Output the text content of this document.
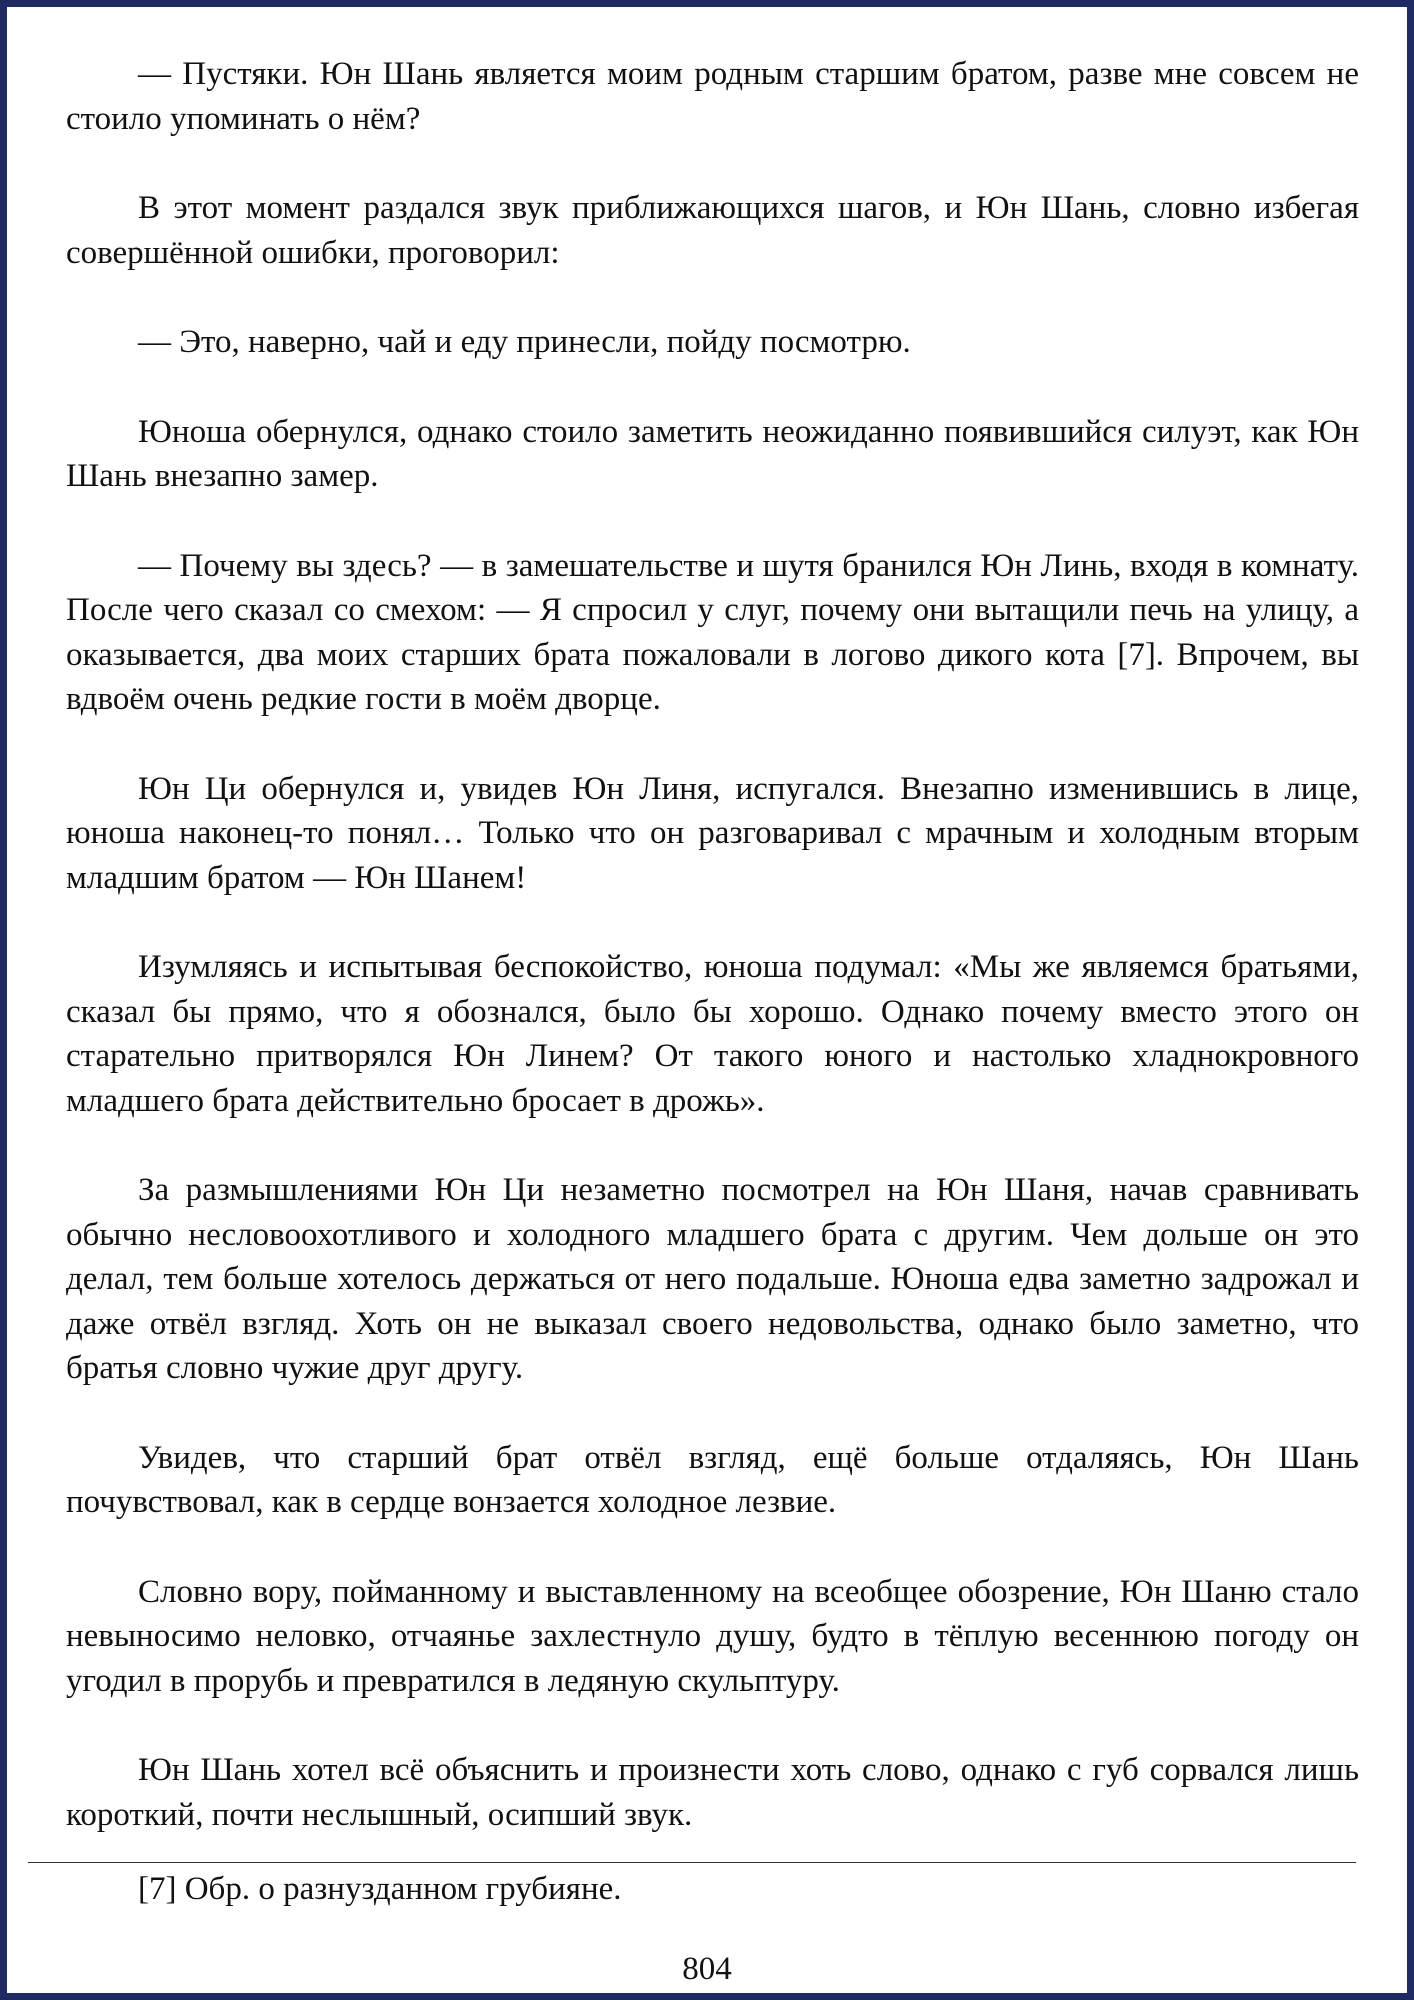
— Пустяки. Юн Шань является моим родным старшим братом, разве мне совсем не стоило упоминать о нём?

В этот момент раздался звук приближающихся шагов, и Юн Шань, словно избегая совершённой ошибки, проговорил:

— Это, наверно, чай и еду принесли, пойду посмотрю.

Юноша обернулся, однако стоило заметить неожиданно появившийся силуэт, как Юн Шань внезапно замер.

— Почему вы здесь? — в замешательстве и шутя бранился Юн Линь, входя в комнату. После чего сказал со смехом: — Я спросил у слуг, почему они вытащили печь на улицу, а оказывается, два моих старших брата пожаловали в логово дикого кота [7]. Впрочем, вы вдвоём очень редкие гости в моём дворце.

Юн Ци обернулся и, увидев Юн Линя, испугался. Внезапно изменившись в лице, юноша наконец-то понял… Только что он разговаривал с мрачным и холодным вторым младшим братом — Юн Шанем!

Изумляясь и испытывая беспокойство, юноша подумал: «Мы же являемся братьями, сказал бы прямо, что я обознался, было бы хорошо. Однако почему вместо этого он старательно притворялся Юн Линем? От такого юного и настолько хладнокровного младшего брата действительно бросает в дрожь».

За размышлениями Юн Ци незаметно посмотрел на Юн Шаня, начав сравнивать обычно несловоохотливого и холодного младшего брата с другим. Чем дольше он это делал, тем больше хотелось держаться от него подальше. Юноша едва заметно задрожал и даже отвёл взгляд. Хоть он не выказал своего недовольства, однако было заметно, что братья словно чужие друг другу.

Увидев, что старший брат отвёл взгляд, ещё больше отдаляясь, Юн Шань почувствовал, как в сердце вонзается холодное лезвие.

Словно вору, пойманному и выставленному на всеобщее обозрение, Юн Шаню стало невыносимо неловко, отчаянье захлестнуло душу, будто в тёплую весеннюю погоду он угодил в прорубь и превратился в ледяную скульптуру.

Юн Шань хотел всё объяснить и произнести хоть слово, однако с губ сорвался лишь короткий, почти неслышный, осипший звук.

[7] Обр. о разнузданном грубияне.

804
